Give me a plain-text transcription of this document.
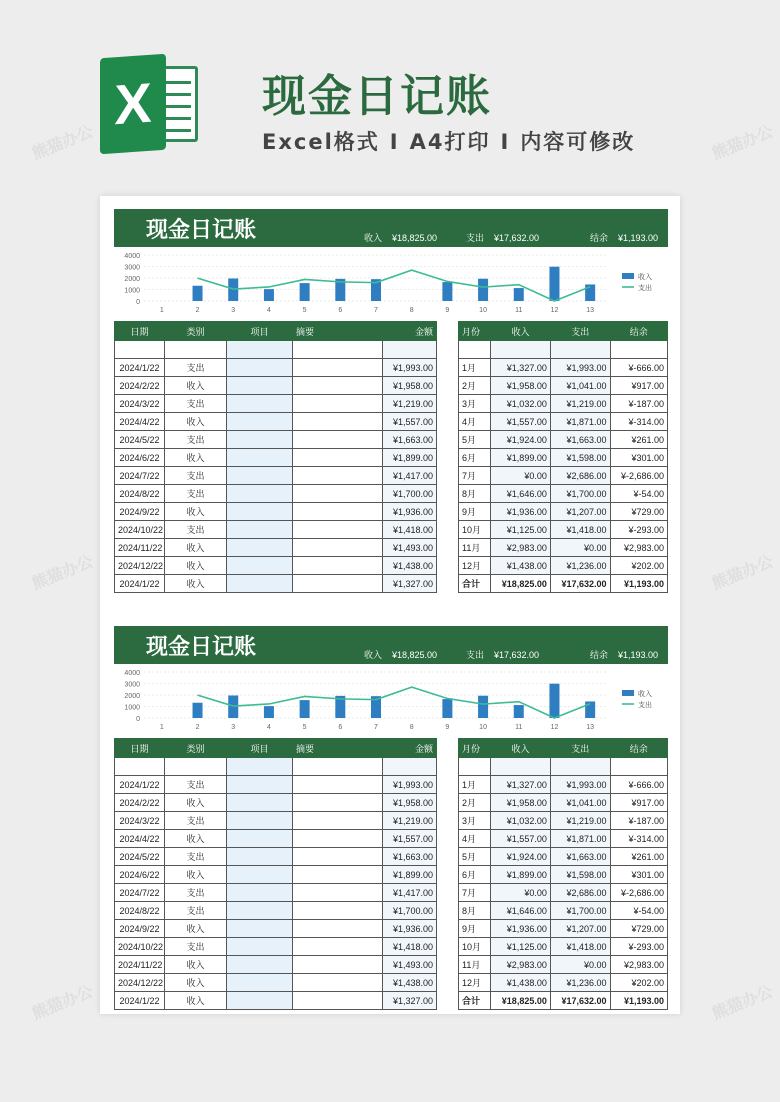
X	现金日记账
Excel格式 I A4打印 I 内容可修改
现金日记账	收入 ¥18,825.00	支出 ¥17,632.00	结余 ¥1,193.00
4000
3000
2000
1000
0
1	2	3	4	5	6	7	8	9	10	11	12	13
收入
支出
日期	类别	项目	摘要	金额

2024/1/22	支出			¥1,993.00
2024/2/22	收入			¥1,958.00
2024/3/22	支出			¥1,219.00
2024/4/22	收入			¥1,557.00
2024/5/22	支出			¥1,663.00
2024/6/22	收入			¥1,899.00
2024/7/22	支出			¥1,417.00
2024/8/22	支出			¥1,700.00
2024/9/22	收入			¥1,936.00
2024/10/22	支出			¥1,418.00
2024/11/22	收入			¥1,493.00
2024/12/22	收入			¥1,438.00
2024/1/22	收入			¥1,327.00
月份	收入	支出	结余

1月	¥1,327.00	¥1,993.00	¥-666.00
2月	¥1,958.00	¥1,041.00	¥917.00
3月	¥1,032.00	¥1,219.00	¥-187.00
4月	¥1,557.00	¥1,871.00	¥-314.00
5月	¥1,924.00	¥1,663.00	¥261.00
6月	¥1,899.00	¥1,598.00	¥301.00
7月	¥0.00	¥2,686.00	¥-2,686.00
8月	¥1,646.00	¥1,700.00	¥-54.00
9月	¥1,936.00	¥1,207.00	¥729.00
10月	¥1,125.00	¥1,418.00	¥-293.00
11月	¥2,983.00	¥0.00	¥2,983.00
12月	¥1,438.00	¥1,236.00	¥202.00
合计	¥18,825.00	¥17,632.00	¥1,193.00
现金日记账	收入 ¥18,825.00	支出 ¥17,632.00	结余 ¥1,193.00
4000
3000
2000
1000
0
1	2	3	4	5	6	7	8	9	10	11	12	13
收入
支出
日期	类别	项目	摘要	金额

2024/1/22	支出			¥1,993.00
2024/2/22	收入			¥1,958.00
2024/3/22	支出			¥1,219.00
2024/4/22	收入			¥1,557.00
2024/5/22	支出			¥1,663.00
2024/6/22	收入			¥1,899.00
2024/7/22	支出			¥1,417.00
2024/8/22	支出			¥1,700.00
2024/9/22	收入			¥1,936.00
2024/10/22	支出			¥1,418.00
2024/11/22	收入			¥1,493.00
2024/12/22	收入			¥1,438.00
2024/1/22	收入			¥1,327.00
月份	收入	支出	结余

1月	¥1,327.00	¥1,993.00	¥-666.00
2月	¥1,958.00	¥1,041.00	¥917.00
3月	¥1,032.00	¥1,219.00	¥-187.00
4月	¥1,557.00	¥1,871.00	¥-314.00
5月	¥1,924.00	¥1,663.00	¥261.00
6月	¥1,899.00	¥1,598.00	¥301.00
7月	¥0.00	¥2,686.00	¥-2,686.00
8月	¥1,646.00	¥1,700.00	¥-54.00
9月	¥1,936.00	¥1,207.00	¥729.00
10月	¥1,125.00	¥1,418.00	¥-293.00
11月	¥2,983.00	¥0.00	¥2,983.00
12月	¥1,438.00	¥1,236.00	¥202.00
合计	¥18,825.00	¥17,632.00	¥1,193.00
熊猫办公	熊猫办公
熊猫办公	熊猫办公
熊猫办公	熊猫办公
